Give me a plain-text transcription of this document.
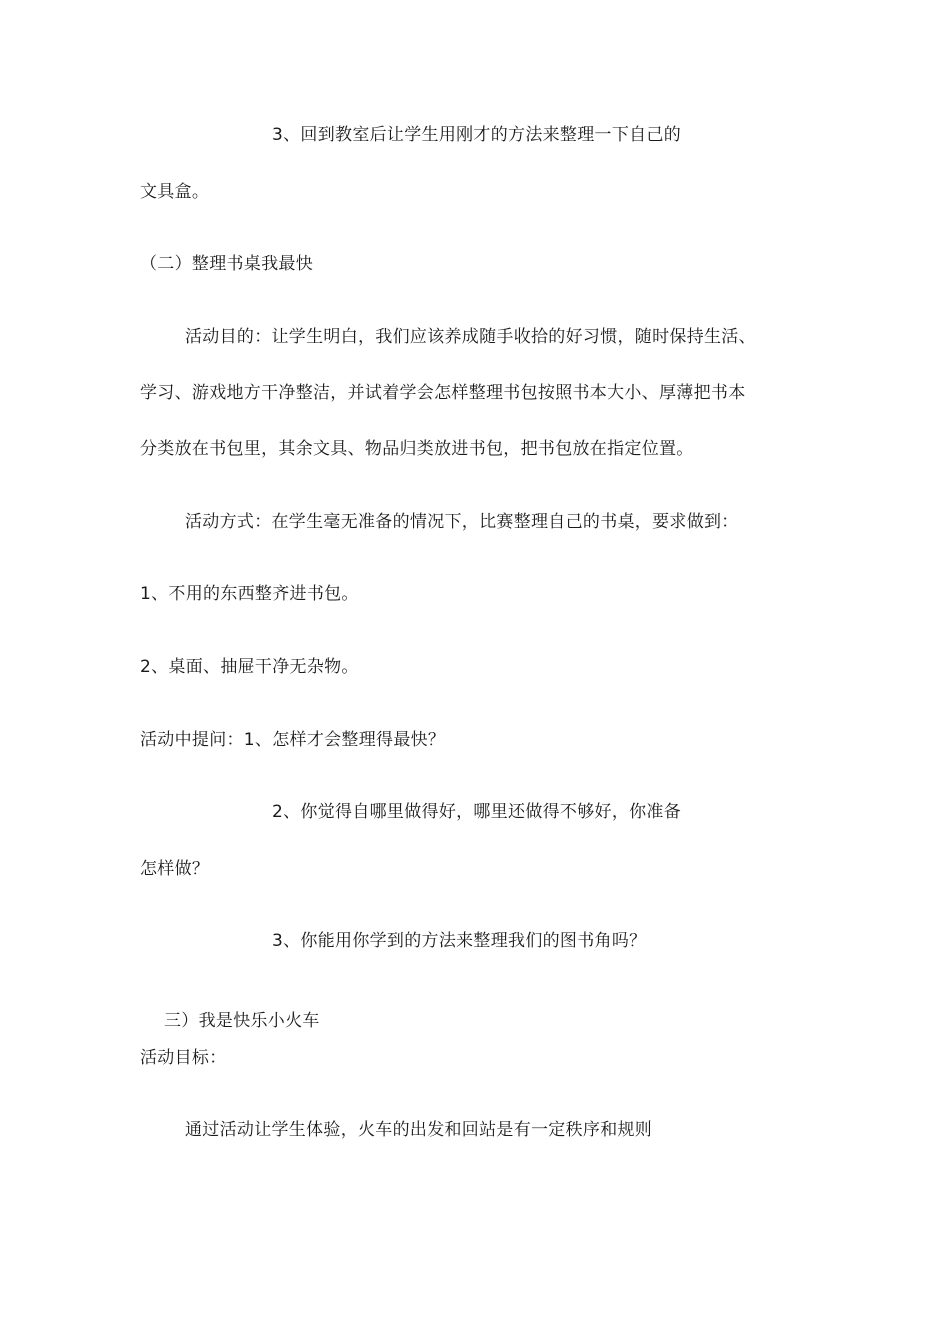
3、回到教室后让学生用刚才的方法来整理一下自己的
文具盒。
（二）整理书桌我最快
活动目的：让学生明白，我们应该养成随手收拾的好习惯，随时保持生活、
学习、游戏地方干净整洁，并试着学会怎样整理书包按照书本大小、厚薄把书本
分类放在书包里，其余文具、物品归类放进书包，把书包放在指定位置。
活动方式：在学生毫无准备的情况下，比赛整理自己的书桌，要求做到：
1、不用的东西整齐进书包。
2、桌面、抽屉干净无杂物。
活动中提问：1、怎样才会整理得最快？
2、你觉得自哪里做得好，哪里还做得不够好，你准备
怎样做？
3、你能用你学到的方法来整理我们的图书角吗？
三）我是快乐小火车
活动目标：
通过活动让学生体验，火车的出发和回站是有一定秩序和规则
